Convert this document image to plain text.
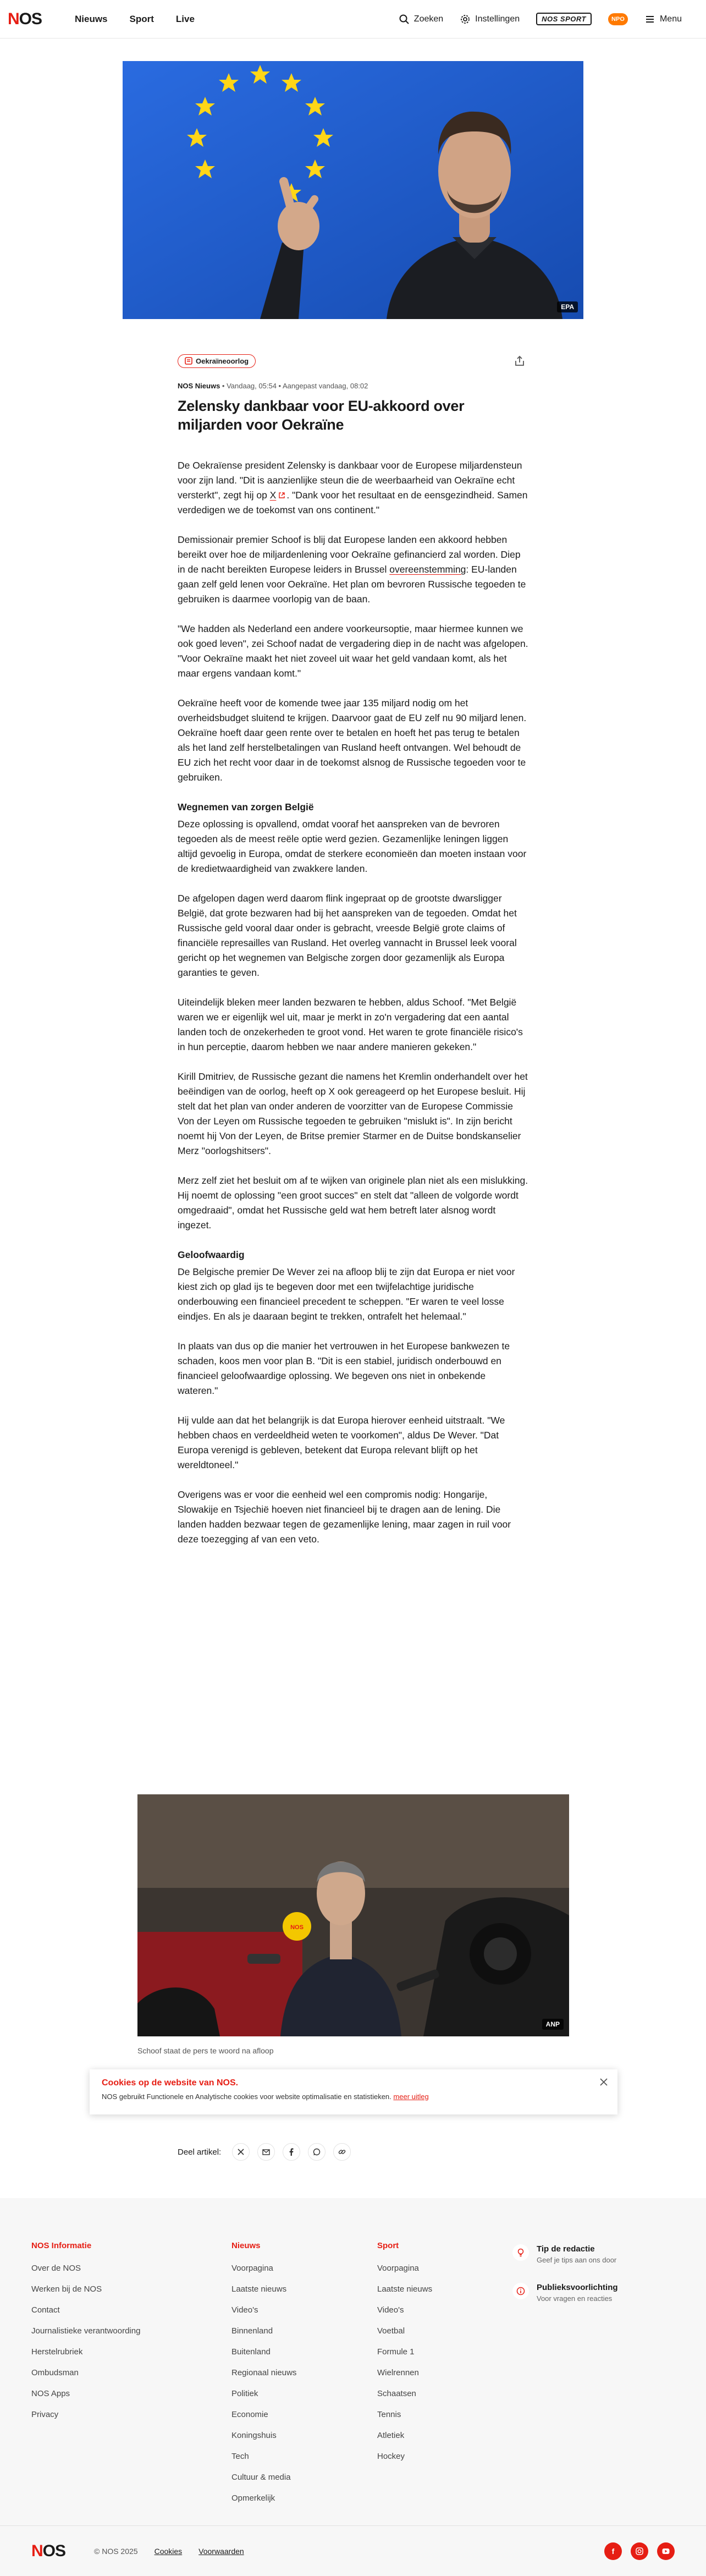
N OS	Nieuws Sport Live	Zoeken	Instellingen	NOS SPORT	NPO	Menu
EPA
Oekraïneoorlog
NOS Nieuws • Vandaag, 05:54 • Aangepast vandaag, 08:02
Zelensky dankbaar voor EU-akkoord over miljarden voor Oekraïne

De Oekraïense president Zelensky is dankbaar voor de Europese miljardensteun voor zijn land. "Dit is aanzienlijke steun die de weerbaarheid van Oekraïne echt versterkt", zegt hij op X . "Dank voor het resultaat en de eensgezindheid. Samen verdedigen we de toekomst van ons continent."

Demissionair premier Schoof is blij dat Europese landen een akkoord hebben bereikt over hoe de miljardenlening voor Oekraïne gefinancierd zal worden. Diep in de nacht bereikten Europese leiders in Brussel overeenstemming: EU-landen gaan zelf geld lenen voor Oekraïne. Het plan om bevroren Russische tegoeden te gebruiken is daarmee voorlopig van de baan.

"We hadden als Nederland een andere voorkeursoptie, maar hiermee kunnen we ook goed leven", zei Schoof nadat de vergadering diep in de nacht was afgelopen. "Voor Oekraïne maakt het niet zoveel uit waar het geld vandaan komt, als het maar ergens vandaan komt."

Oekraïne heeft voor de komende twee jaar 135 miljard nodig om het overheidsbudget sluitend te krijgen. Daarvoor gaat de EU zelf nu 90 miljard lenen. Oekraïne hoeft daar geen rente over te betalen en hoeft het pas terug te betalen als het land zelf herstelbetalingen van Rusland heeft ontvangen. Wel behoudt de EU zich het recht voor daar in de toekomst alsnog de Russische tegoeden voor te gebruiken.

Wegnemen van zorgen België

Deze oplossing is opvallend, omdat vooraf het aanspreken van de bevroren tegoeden als de meest reële optie werd gezien. Gezamenlijke leningen liggen altijd gevoelig in Europa, omdat de sterkere economieën dan moeten instaan voor de kredietwaardigheid van zwakkere landen.

De afgelopen dagen werd daarom flink ingepraat op de grootste dwarsligger België, dat grote bezwaren had bij het aanspreken van de tegoeden. Omdat het Russische geld vooral daar onder is gebracht, vreesde België grote claims of financiële represailles van Rusland. Het overleg vannacht in Brussel leek vooral gericht op het wegnemen van Belgische zorgen door gezamenlijk als Europa garanties te geven.

Uiteindelijk bleken meer landen bezwaren te hebben, aldus Schoof. "Met België waren we er eigenlijk wel uit, maar je merkt in zo'n vergadering dat een aantal landen toch de onzekerheden te groot vond. Het waren te grote financiële risico's in hun perceptie, daarom hebben we naar andere manieren gekeken."

Kirill Dmitriev, de Russische gezant die namens het Kremlin onderhandelt over het beëindigen van de oorlog, heeft op X ook gereageerd op het Europese besluit. Hij stelt dat het plan van onder anderen de voorzitter van de Europese Commissie Von der Leyen om Russische tegoeden te gebruiken "mislukt is". In zijn bericht noemt hij Von der Leyen, de Britse premier Starmer en de Duitse bondskanselier Merz "oorlogshitsers".

Merz zelf ziet het besluit om af te wijken van originele plan niet als een mislukking. Hij noemt de oplossing "een groot succes" en stelt dat "alleen de volgorde wordt omgedraaid", omdat het Russische geld wat hem betreft later alsnog wordt ingezet.

Geloofwaardig

De Belgische premier De Wever zei na afloop blij te zijn dat Europa er niet voor kiest zich op glad ijs te begeven door met een twijfelachtige juridische onderbouwing een financieel precedent te scheppen. "Er waren te veel losse eindjes. En als je daaraan begint te trekken, ontrafelt het helemaal."

In plaats van dus op die manier het vertrouwen in het Europese bankwezen te schaden, koos men voor plan B. "Dit is een stabiel, juridisch onderbouwd en financieel geloofwaardige oplossing. We begeven ons niet in onbekende wateren."

Hij vulde aan dat het belangrijk is dat Europa hierover eenheid uitstraalt. "We hebben chaos en verdeeldheid weten te voorkomen", aldus De Wever. "Dat Europa verenigd is gebleven, betekent dat Europa relevant blijft op het wereldtoneel."

Overigens was er voor die eenheid wel een compromis nodig: Hongarije, Slowakije en Tsjechië hoeven niet financieel bij te dragen aan de lening. Die landen hadden bezwaar tegen de gezamenlijke lening, maar zagen in ruil voor deze toezegging af van een veto.

NOS
ANP
Schoof staat de pers te woord na afloop
Cookies op de website van NOS.
NOS gebruikt Functionele en Analytische cookies voor website optimalisatie en statistieken. meer uitleg
Deel artikel:
NOS Informatie
Over de NOS
Werken bij de NOS
Contact
Journalistieke verantwoording
Herstelrubriek
Ombudsman
NOS Apps
Privacy
Nieuws
Voorpagina
Laatste nieuws
Video's
Binnenland
Buitenland
Regionaal nieuws
Politiek
Economie
Koningshuis
Tech
Cultuur & media
Opmerkelijk
Sport
Voorpagina
Laatste nieuws
Video's
Voetbal
Formule 1
Wielrennen
Schaatsen
Tennis
Atletiek
Hockey
Tip de redactie
Geef je tips aan ons door
Publieksvoorlichting
Voor vragen en reacties
N OS	© NOS 2025 Cookies Voorwaarden	f
